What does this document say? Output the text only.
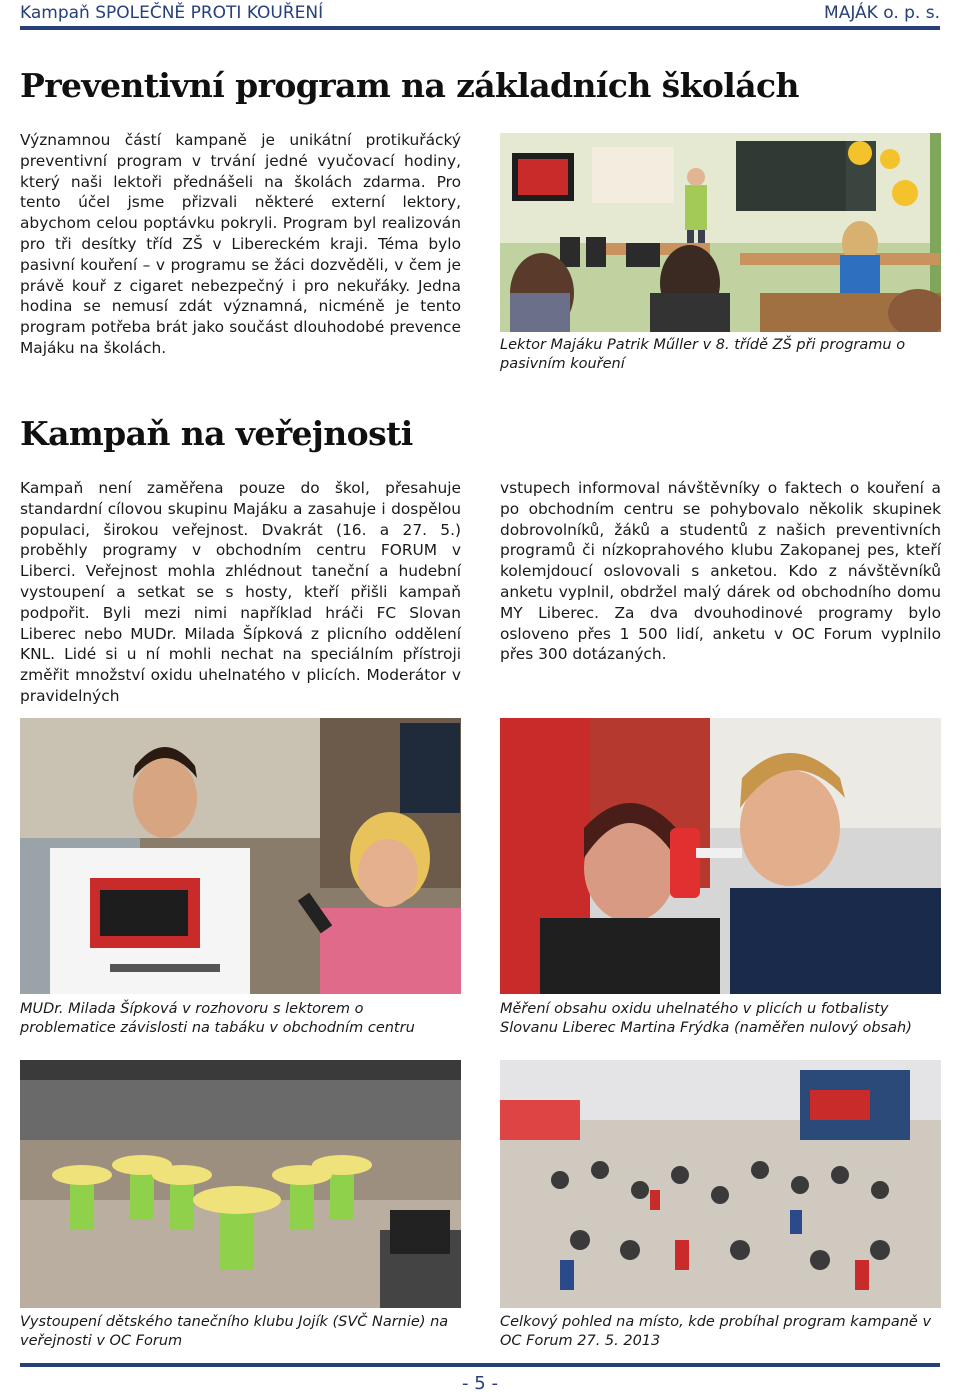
Kampaň SPOLEČNĚ PROTI KOUŘENÍ	MAJÁK o. p. s.
Preventivní program na základních školách

Významnou částí kampaně je unikátní protikuřácký preventivní program v trvání jedné vyučovací hodiny, který naši lektoři přednášeli na školách zdarma. Pro tento účel jsme přizvali některé externí lektory, abychom celou poptávku pokryli. Program byl realizován pro tři desítky tříd ZŠ v Libereckém kraji. Téma bylo pasivní kouření – v programu se žáci dozvěděli, v čem je právě kouř z cigaret nebezpečný i pro nekuřáky. Jedna hodina se nemusí zdát významná, nicméně je tento program potřeba brát jako součást dlouhodobé prevence Majáku na školách.	Lektor Majáku Patrik Műller v 8. třídě ZŠ při programu o pasivním kouření

Kampaň na veřejnosti

Kampaň není zaměřena pouze do škol, přesahuje standardní cílovou skupinu Majáku a zasahuje i dospělou populaci, širokou veřejnost. Dvakrát (16. a 27. 5.) proběhly programy v obchodním centru FORUM v Liberci. Veřejnost mohla zhlédnout taneční a hudební vystoupení a setkat se s hosty, kteří přišli kampaň podpořit. Byli mezi nimi například hráči FC Slovan Liberec nebo MUDr. Milada Šípková z plicního oddělení KNL. Lidé si u ní mohli nechat na speciálním přístroji změřit množství oxidu uhelnatého v plicích. Moderátor v pravidelných

vstupech informoval návštěvníky o faktech o kouření a po obchodním centru se pohybovalo několik skupinek dobrovolníků, žáků a studentů z našich preventivních programů či nízkoprahového klubu Zakopanej pes, kteří kolemjdoucí oslovovali s anketou. Kdo z návštěvníků anketu vyplnil, obdržel malý dárek od obchodního domu MY Liberec. Za dva dvouhodinové programy bylo osloveno přes 1 500 lidí, anketu v OC Forum vyplnilo přes 300 dotázaných.

MUDr. Milada Šípková v rozhovoru s lektorem o problematice závislosti na tabáku v obchodním centru

Měření obsahu oxidu uhelnatého v plicích u fotbalisty Slovanu Liberec Martina Frýdka (naměřen nulový obsah)

Vystoupení dětského tanečního klubu Jojík (SVČ Narnie) na veřejnosti v OC Forum

Celkový pohled na místo, kde probíhal program kampaně v OC Forum 27. 5. 2013

- 5 -
